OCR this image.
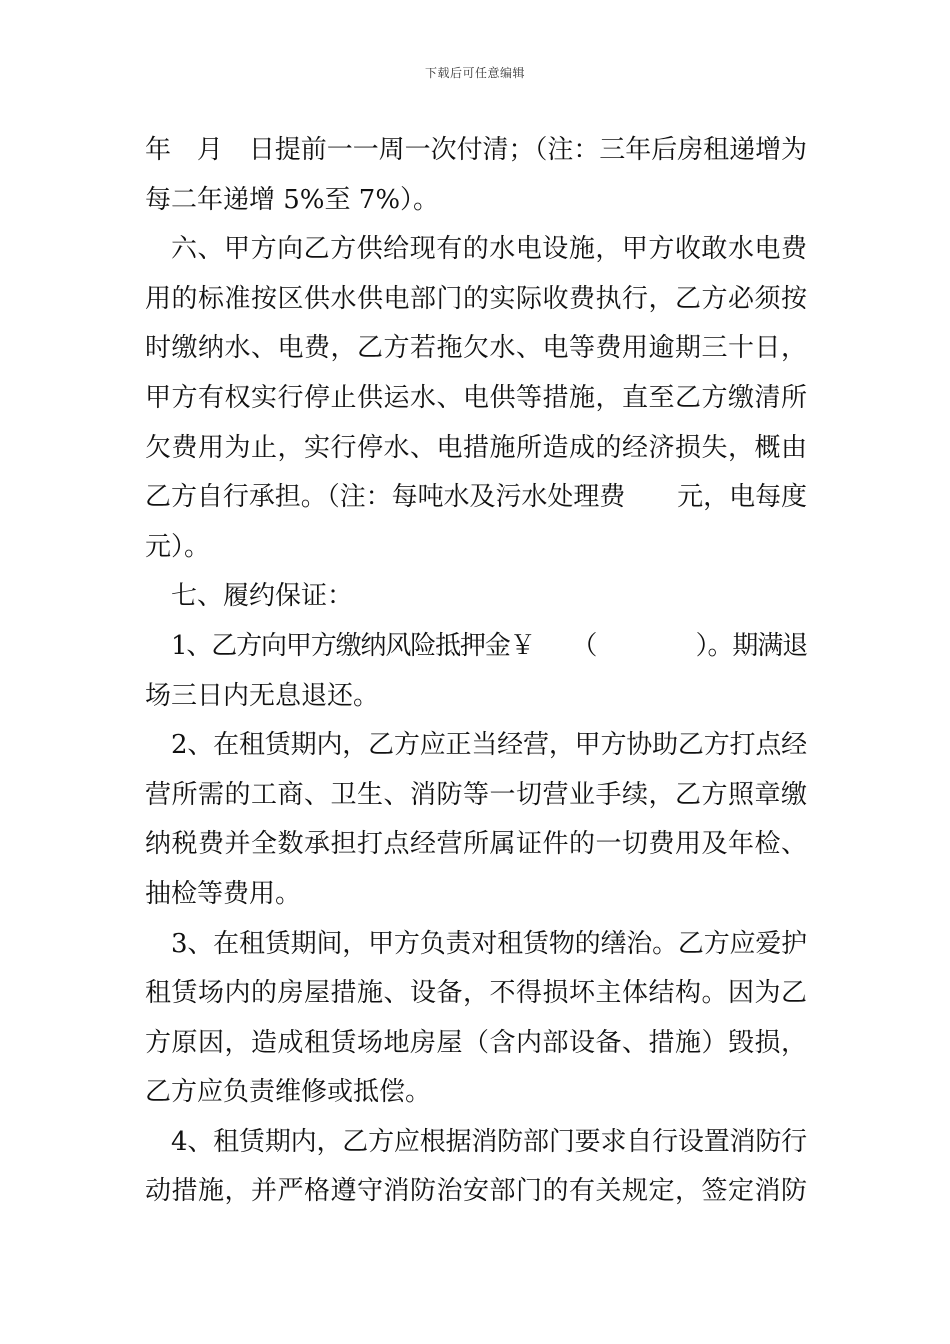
下载后可任意编辑
年　月　日提前一一周一次付清；（注：三年后房租递增为
每二年递增 5%至 7%）。
六、甲方向乙方供给现有的水电设施，甲方收敢水电费
用的标准按区供水供电部门的实际收费执行，乙方必须按
时缴纳水、电费，乙方若拖欠水、电等费用逾期三十日，
甲方有权实行停止供运水、电供等措施，直至乙方缴清所
欠费用为止，实行停水、电措施所造成的经济损失，概由
乙方自行承担。（注：每吨水及污水处理费　　元，电每度
元）。
七、履约保证：
1、乙方向甲方缴纳风险抵押金￥　　（　　　　）。期满退
场三日内无息退还。
2、在租赁期内，乙方应正当经营，甲方协助乙方打点经
营所需的工商、卫生、消防等一切营业手续，乙方照章缴
纳税费并全数承担打点经营所属证件的一切费用及年检、
抽检等费用。
3、在租赁期间，甲方负责对租赁物的缮治。乙方应爱护
租赁场内的房屋措施、设备，不得损坏主体结构。因为乙
方原因，造成租赁场地房屋（含内部设备、措施）毁损，
乙方应负责维修或抵偿。
4、租赁期内，乙方应根据消防部门要求自行设置消防行
动措施，并严格遵守消防治安部门的有关规定，签定消防
